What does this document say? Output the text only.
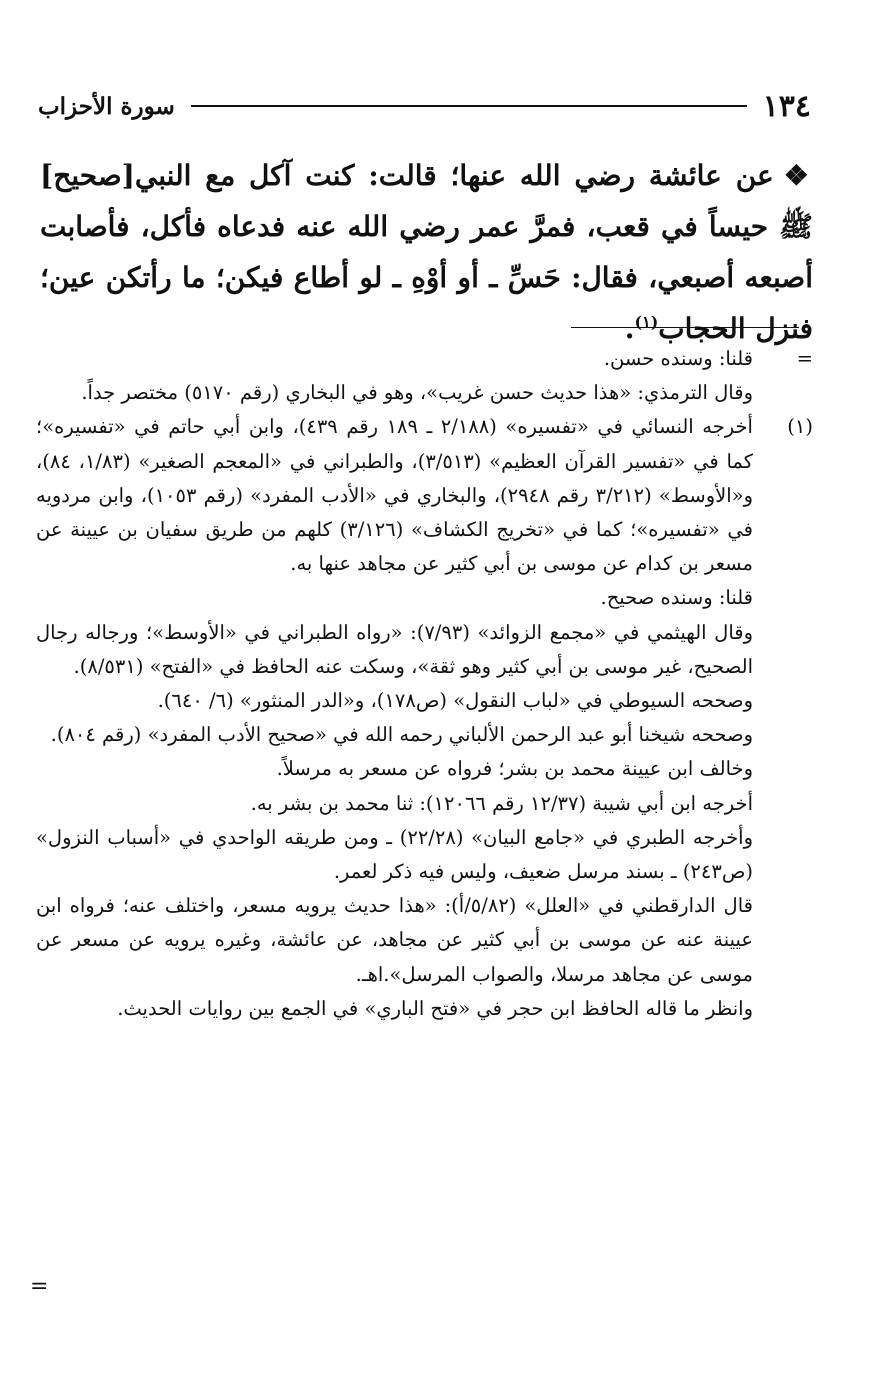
١٣٤
سورة الأحزاب
[صحيح]	❖عن عائشة رضي الله عنها؛ قالت: كنت آكل مع النبي ﷺ حيساً في قعب، فمرَّ عمر رضي الله عنه فدعاه فأكل، فأصابت أصبعه أصبعي، فقال: حَسِّ ـ أو أوْهِ ـ لو أطاع فيكن؛ ما رأتكن عين؛ فنزل الحجاب$^{(١)}$.
=

قلنا: وسنده حسن.

وقال الترمذي: «هذا حديث حسن غريب»، وهو في البخاري (رقم ٥١٧٠) مختصر جداً.

(١)

أخرجه النسائي في «تفسيره» (٢/١٨٨ ـ ١٨٩ رقم ٤٣٩)، وابن أبي حاتم في «تفسيره»؛ كما في «تفسير القرآن العظيم» (٣/٥١٣)، والطبراني في «المعجم الصغير» (١/٨٣، ٨٤)، و«الأوسط» (٣/٢١٢ رقم ٢٩٤٨)، والبخاري في «الأدب المفرد» (رقم ١٠٥٣)، وابن مردويه في «تفسيره»؛ كما في «تخريج الكشاف» (٣/١٢٦) كلهم من طريق سفيان بن عيينة عن مسعر بن كدام عن موسى بن أبي كثير عن مجاهد عنها به.

قلنا: وسنده صحيح.

وقال الهيثمي في «مجمع الزوائد» (٧/٩٣): «رواه الطبراني في «الأوسط»؛ ورجاله رجال الصحيح، غير موسى بن أبي كثير وهو ثقة»، وسكت عنه الحافظ في «الفتح» (٨/٥٣١).

وصححه السيوطي في «لباب النقول» (ص١٧٨)، و«الدر المنثور» (٦/ ٦٤٠).

وصححه شيخنا أبو عبد الرحمن الألباني رحمه الله في «صحيح الأدب المفرد» (رقم ٨٠٤).

وخالف ابن عيينة محمد بن بشر؛ فرواه عن مسعر به مرسلاً.

أخرجه ابن أبي شيبة (١٢/٣٧ رقم ١٢٠٦٦): ثنا محمد بن بشر به.

وأخرجه الطبري في «جامع البيان» (٢٢/٢٨) ـ ومن طريقه الواحدي في «أسباب النزول» (ص٢٤٣) ـ بسند مرسل ضعيف، وليس فيه ذكر لعمر.

قال الدارقطني في «العلل» (٥/٨٢/أ): «هذا حديث يرويه مسعر، واختلف عنه؛ فرواه ابن عيينة عنه عن موسى بن أبي كثير عن مجاهد، عن عائشة، وغيره يرويه عن مسعر عن موسى عن مجاهد مرسلا، والصواب المرسل».اهـ.

وانظر ما قاله الحافظ ابن حجر في «فتح الباري» في الجمع بين روايات الحديث.

=
